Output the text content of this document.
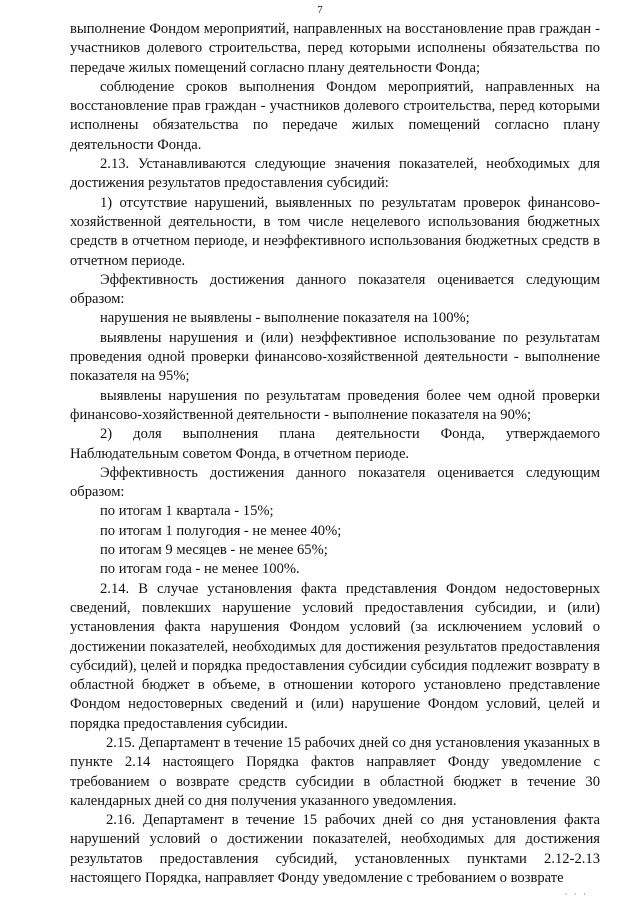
7

выполнение Фондом мероприятий, направленных на восстановление прав граждан - участников долевого строительства, перед которыми исполнены обязательства по передаче жилых помещений согласно плану деятельности Фонда;

соблюдение сроков выполнения Фондом мероприятий, направленных на восстановление прав граждан - участников долевого строительства, перед которыми исполнены обязательства по передаче жилых помещений согласно плану деятельности Фонда.

2.13. Устанавливаются следующие значения показателей, необходимых для достижения результатов предоставления субсидий:

1) отсутствие нарушений, выявленных по результатам проверок финансово-хозяйственной деятельности, в том числе нецелевого использования бюджетных средств в отчетном периоде, и неэффективного использования бюджетных средств в отчетном периоде.

Эффективность достижения данного показателя оценивается следующим образом:

нарушения не выявлены - выполнение показателя на 100%;

выявлены нарушения и (или) неэффективное использование по результатам проведения одной проверки финансово-хозяйственной деятельности - выполнение показателя на 95%;

выявлены нарушения по результатам проведения более чем одной проверки финансово-хозяйственной деятельности - выполнение показателя на 90%;

2) доля выполнения плана деятельности Фонда, утверждаемого Наблюдательным советом Фонда, в отчетном периоде.

Эффективность достижения данного показателя оценивается следующим образом:

по итогам 1 квартала - 15%;

по итогам 1 полугодия - не менее 40%;

по итогам 9 месяцев - не менее 65%;

по итогам года - не менее 100%.

2.14. В случае установления факта представления Фондом недостоверных сведений, повлекших нарушение условий предоставления субсидии, и (или) установления факта нарушения Фондом условий (за исключением условий о достижении показателей, необходимых для достижения результатов предоставления субсидий), целей и порядка предоставления субсидии субсидия подлежит возврату в областной бюджет в объеме, в отношении которого установлено представление Фондом недостоверных сведений и (или) нарушение Фондом условий, целей и порядка предоставления субсидии.

2.15. Департамент в течение 15 рабочих дней со дня установления указанных в пункте 2.14 настоящего Порядка фактов направляет Фонду уведомление с требованием о возврате средств субсидии в областной бюджет в течение 30 календарных дней со дня получения указанного уведомления.

2.16. Департамент в течение 15 рабочих дней со дня установления факта нарушений условий о достижении показателей, необходимых для достижения результатов предоставления субсидий, установленных пунктами 2.12-2.13 настоящего Порядка, направляет Фонду уведомление с требованием о возврате

· · ·
